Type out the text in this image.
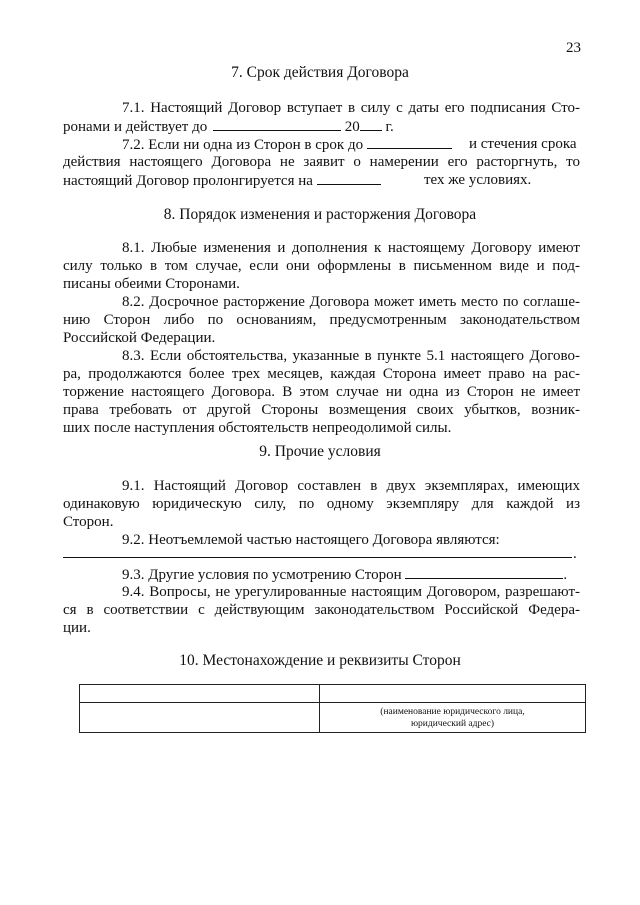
23
7. Срок действия Договора
7.1. Настоящий Договор вступает в силу с даты его подписания Сто-
ронами и действует до	20 г.
7.2. Если ни одна из Сторон в срок до	и стечения срока
действия настоящего Договора не заявит о намерении его расторгнуть, то
настоящий Договор пролонгируется на	тех же условиях.
8. Порядок изменения и расторжения Договора
8.1. Любые изменения и дополнения к настоящему Договору имеют
силу только в том случае, если они оформлены в письменном виде и под-
писаны обеими Сторонами.
8.2. Досрочное расторжение Договора может иметь место по соглаше-
нию Сторон либо по основаниям, предусмотренным законодательством
Российской Федерации.
8.3. Если обстоятельства, указанные в пункте 5.1 настоящего Догово-
ра, продолжаются более трех месяцев, каждая Сторона имеет право на рас-
торжение настоящего Договора. В этом случае ни одна из Сторон не имеет
права требовать от другой Стороны возмещения своих убытков, возник-
ших после наступления обстоятельств непреодолимой силы.
9. Прочие условия
9.1. Настоящий Договор составлен в двух экземплярах, имеющих
одинаковую юридическую силу, по одному экземпляру для каждой из
Сторон.
9.2. Неотъемлемой частью настоящего Договора являются:
.
9.3. Другие условия по усмотрению Сторон	.
9.4. Вопросы, не урегулированные настоящим Договором, разрешают-
ся в соответствии с действующим законодательством Российской Федера-
ции.
10. Местонахождение и реквизиты Сторон

	(наименование юридического лица,
юридический адрес)
